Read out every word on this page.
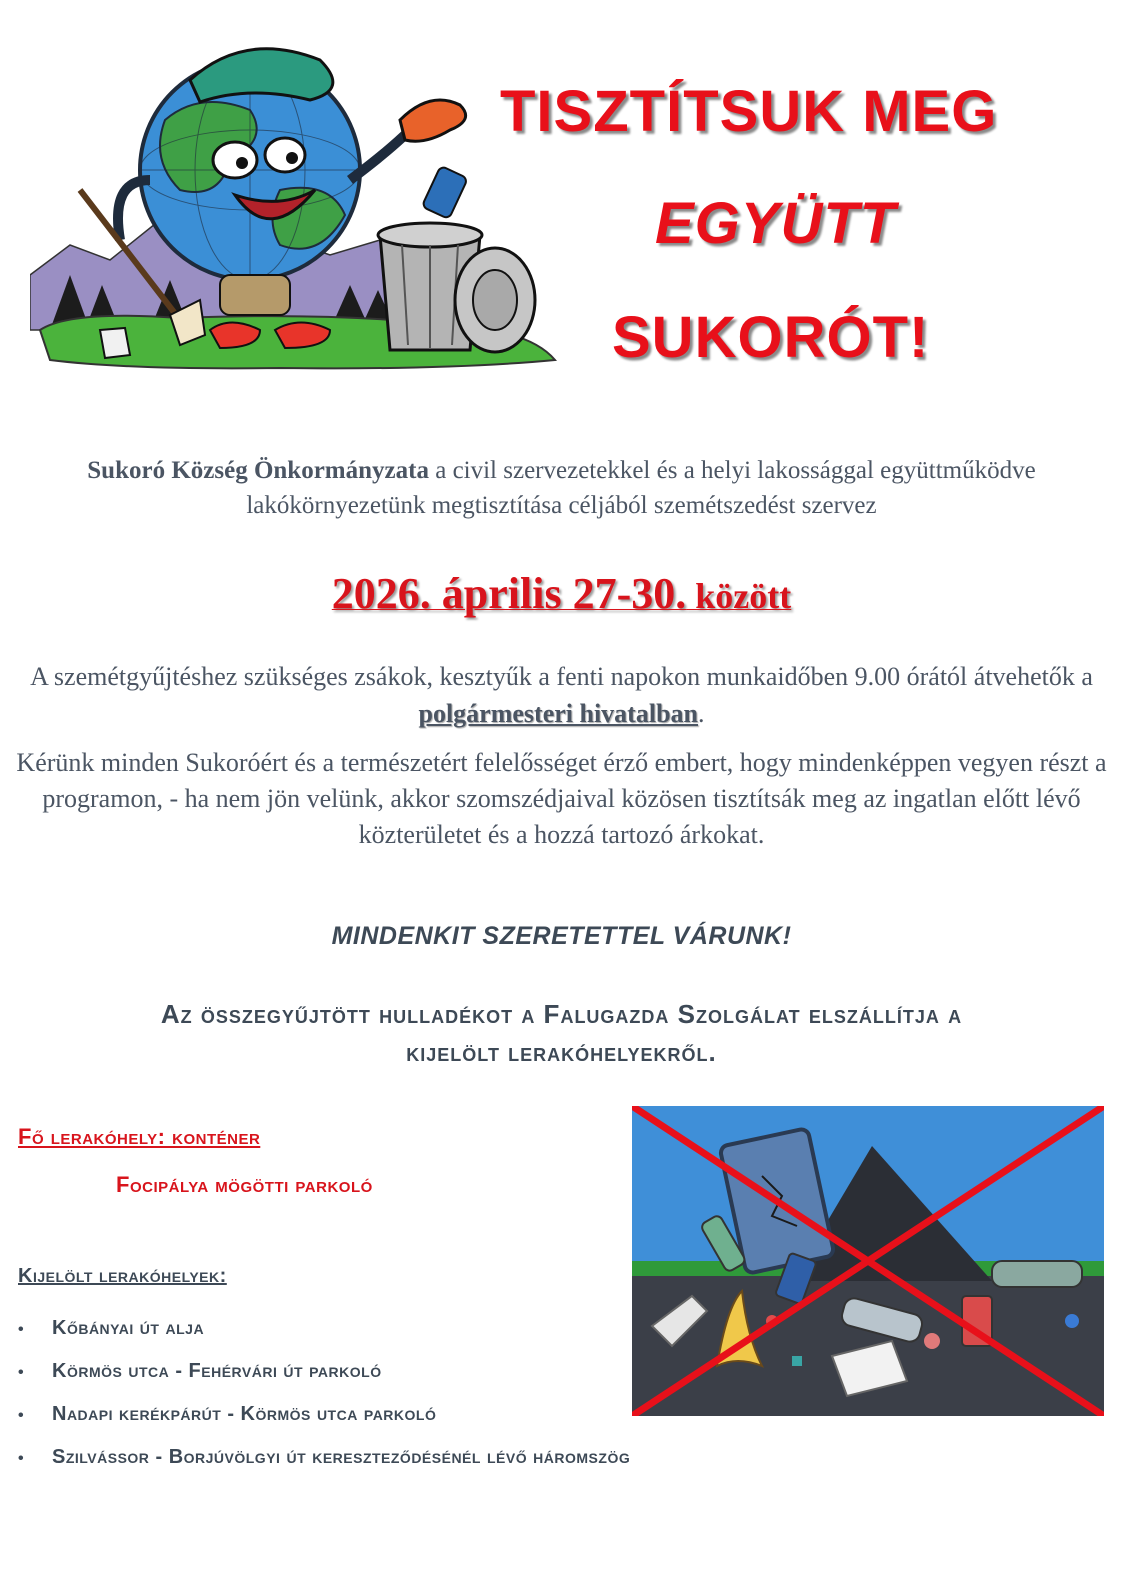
TISZTÍTSUK MEG
EGYÜTT
SUKORÓT!
Sukoró Község Önkormányzata a civil szervezetekkel és a helyi lakossággal együttműködve lakókörnyezetünk megtisztítása céljából szemétszedést szervez
2026. április 27-30. között
A szemétgyűjtéshez szükséges zsákok, kesztyűk a fenti napokon munkaidőben 9.00 órától átvehetők a polgármesteri hivatalban.
Kérünk minden Sukoróért és a természetért felelősséget érző embert, hogy mindenképpen vegyen részt a programon, - ha nem jön velünk, akkor szomszédjaival közösen tisztítsák meg az ingatlan előtt lévő közterületet és a hozzá tartozó árkokat.
MINDENKIT SZERETETTEL VÁRUNK!
Az összegyűjtött hulladékot a Falugazda Szolgálat elszállítja a
kijelölt lerakóhelyekről.
Fő lerakóhely: konténer
Focipálya mögötti parkoló
Kijelölt lerakóhelyek:
• Kőbányai út alja
• Körmös utca - Fehérvári út parkoló
• Nadapi kerékpárút - Körmös utca parkoló
• Szilvássor - Borjúvölgyi út kereszteződésénél lévő háromszög
